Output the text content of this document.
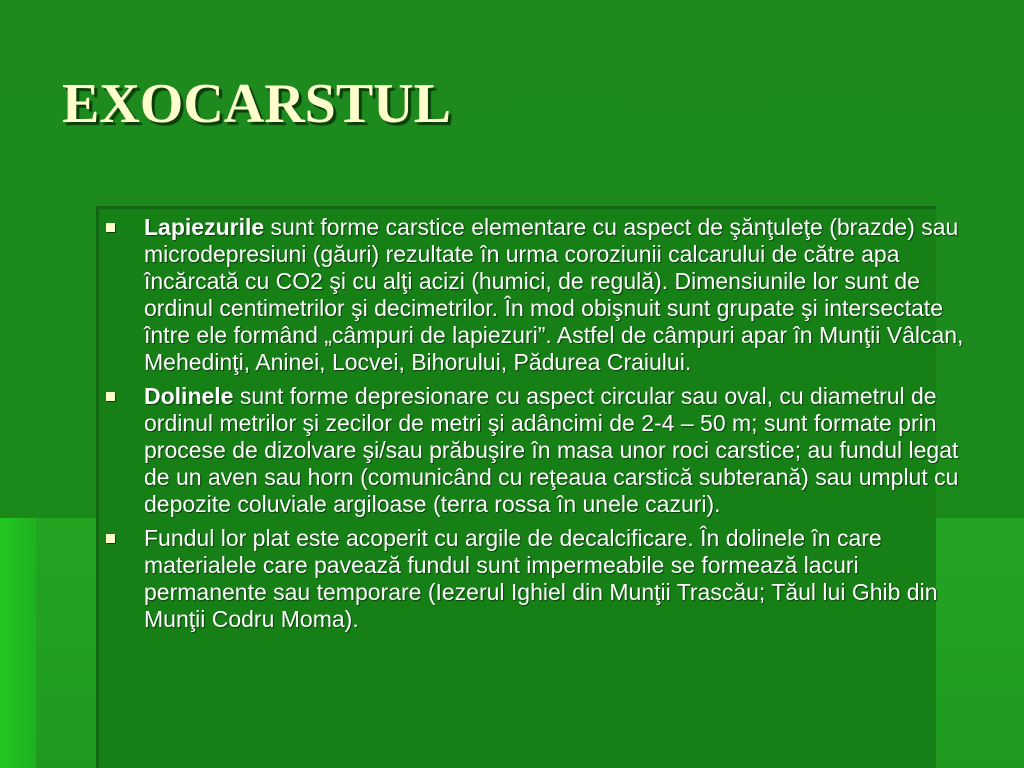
EXOCARSTUL
Lapiezurile sunt forme carstice elementare cu aspect de şănţuleţe (brazde) sau microdepresiuni (găuri) rezultate în urma coroziunii calcarului de către apa încărcată cu CO2 şi cu alţi acizi (humici, de regulă). Dimensiunile lor sunt de ordinul centimetrilor şi decimetrilor. În mod obişnuit sunt grupate şi intersectate între ele formând „câmpuri de lapiezuri”. Astfel de câmpuri apar în Munţii Vâlcan, Mehedinţi, Aninei, Locvei, Bihorului, Pădurea Craiului.
Dolinele sunt forme depresionare cu aspect circular sau oval, cu diametrul de ordinul metrilor şi zecilor de metri şi adâncimi de 2-4 – 50 m; sunt formate prin procese de dizolvare şi/sau prăbuşire în masa unor roci carstice; au fundul legat de un aven sau horn (comunicând cu reţeaua carstică subterană) sau umplut cu depozite coluviale argiloase (terra rossa în unele cazuri).
Fundul lor plat este acoperit cu argile de decalcificare. În dolinele în care materialele care pavează fundul sunt impermeabile se formează lacuri permanente sau temporare (Iezerul Ighiel din Munţii Trascău; Tăul lui Ghib din Munţii Codru Moma).
